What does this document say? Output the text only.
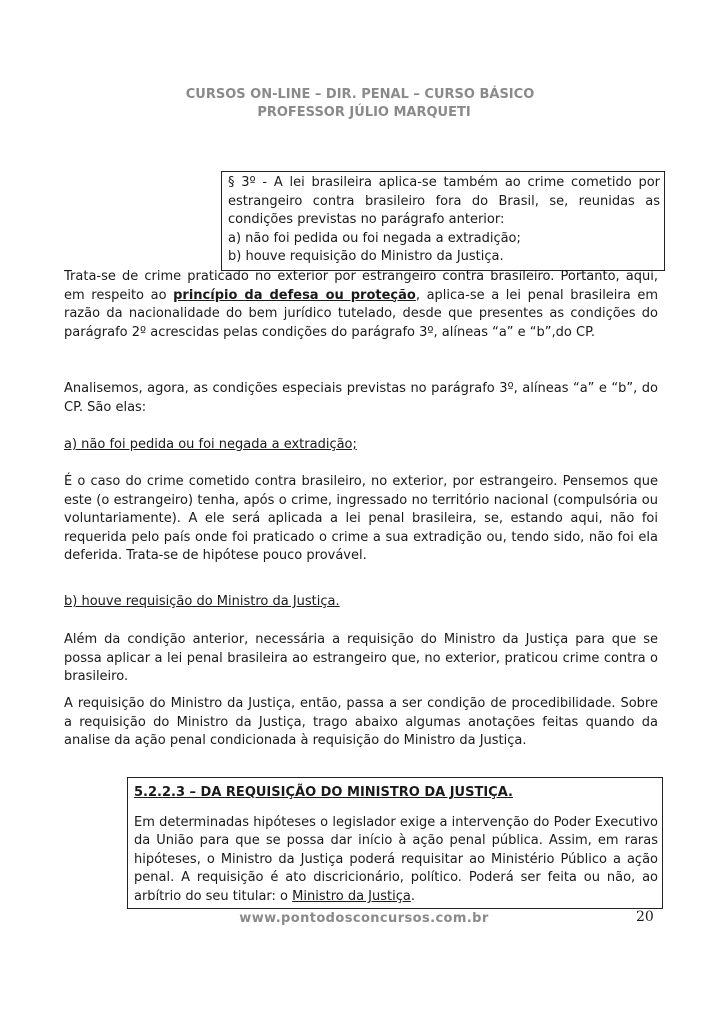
CURSOS ON-LINE – DIR. PENAL – CURSO BÁSICO
PROFESSOR JÚLIO MARQUETI
§ 3º - A lei brasileira aplica-se também ao crime cometido por estrangeiro contra brasileiro fora do Brasil, se, reunidas as condições previstas no parágrafo anterior:
a) não foi pedida ou foi negada a extradição;
b) houve requisição do Ministro da Justiça.

Trata-se de crime praticado no exterior por estrangeiro contra brasileiro. Portanto, aqui, em respeito ao princípio da defesa ou proteção, aplica-se a lei penal brasileira em razão da nacionalidade do bem jurídico tutelado, desde que presentes as condições do parágrafo 2º acrescidas pelas condições do parágrafo 3º, alíneas “a” e “b”,do CP.

Analisemos, agora, as condições especiais previstas no parágrafo 3º, alíneas “a” e “b”, do CP. São elas:

a) não foi pedida ou foi negada a extradição;

É o caso do crime cometido contra brasileiro, no exterior, por estrangeiro. Pensemos que este (o estrangeiro) tenha, após o crime, ingressado no território nacional (compulsória ou voluntariamente). A ele será aplicada a lei penal brasileira, se, estando aqui, não foi requerida pelo país onde foi praticado o crime a sua extradição ou, tendo sido, não foi ela deferida. Trata-se de hipótese pouco provável.

b) houve requisição do Ministro da Justiça.

Além da condição anterior, necessária a requisição do Ministro da Justiça para que se possa aplicar a lei penal brasileira ao estrangeiro que, no exterior, praticou crime contra o brasileiro.

A requisição do Ministro da Justiça, então, passa a ser condição de procedibilidade. Sobre a requisição do Ministro da Justiça, trago abaixo algumas anotações feitas quando da analise da ação penal condicionada à requisição do Ministro da Justiça.

5.2.2.3 – DA REQUISIÇÃO DO MINISTRO DA JUSTIÇA.

Em determinadas hipóteses o legislador exige a intervenção do Poder Executivo da União para que se possa dar início à ação penal pública. Assim, em raras hipóteses, o Ministro da Justiça poderá requisitar ao Ministério Público a ação penal. A requisição é ato discricionário, político. Poderá ser feita ou não, ao arbítrio do seu titular: o Ministro da Justiça.

www.pontodosconcursos.com.br	20
